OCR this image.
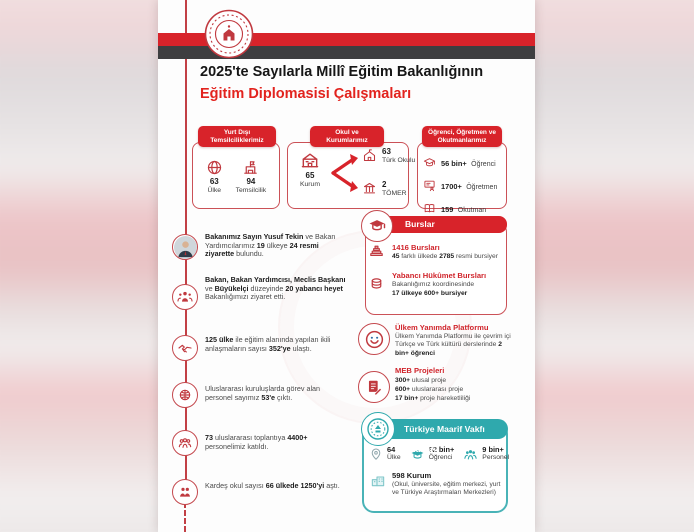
2025'te Sayılarla Millî Eğitim Bakanlığının
Eğitim Diplomasisi Çalışmaları
63
Ülke
94
Temsilcilik
Yurt Dışı
Temsilciliklerimiz
Okul ve
Kurumlarımız
65
Kurum
63
Türk Okulu
2
TÖMER
56 bin+ Öğrenci
1700+ Öğretmen
159 Okutman
Öğrenci, Öğretmen ve
Okutmanlarımız
Bakanımız Sayın Yusuf Tekin ve Bakan Yardımcılarımız 19 ülkeye 24 resmi ziyarette bulundu.
Bakan, Bakan Yardımcısı, Meclis Başkanı ve Büyükelçi düzeyinde 20 yabancı heyet Bakanlığımızı ziyaret etti.
125 ülke ile eğitim alanında yapılan ikili anlaşmaların sayısı 352'ye ulaştı.
Uluslararası kuruluşlarda görev alan personel sayımız 53'e çıktı.
73 uluslararası toplantıya 4400+ personelimiz katıldı.
Kardeş okul sayısı 66 ülkede 1250'yi aştı.
Burslar
1416 Bursları
45 farklı ülkede 2785 resmi bursiyer
Yabancı Hükûmet Bursları
Bakanlığımız koordinesinde
17 ülkeye 600+ bursiyer
Ülkem Yanımda Platformu
Ülkem Yanımda Platformu ile çevrim içi Türkçe ve Türk kültürü derslerinde 2 bin+ öğrenci
MEB Projeleri
300+ ulusal proje
600+ uluslararası proje
17 bin+ proje hareketliliği
Türkiye Maarif Vakfı Okulları
64
Ülke
62 bin+
Öğrenci
9 bin+
Personel
598 Kurum
(Okul, üniversite, eğitim merkezi, yurt ve Türkiye Araştırmaları Merkezleri)
